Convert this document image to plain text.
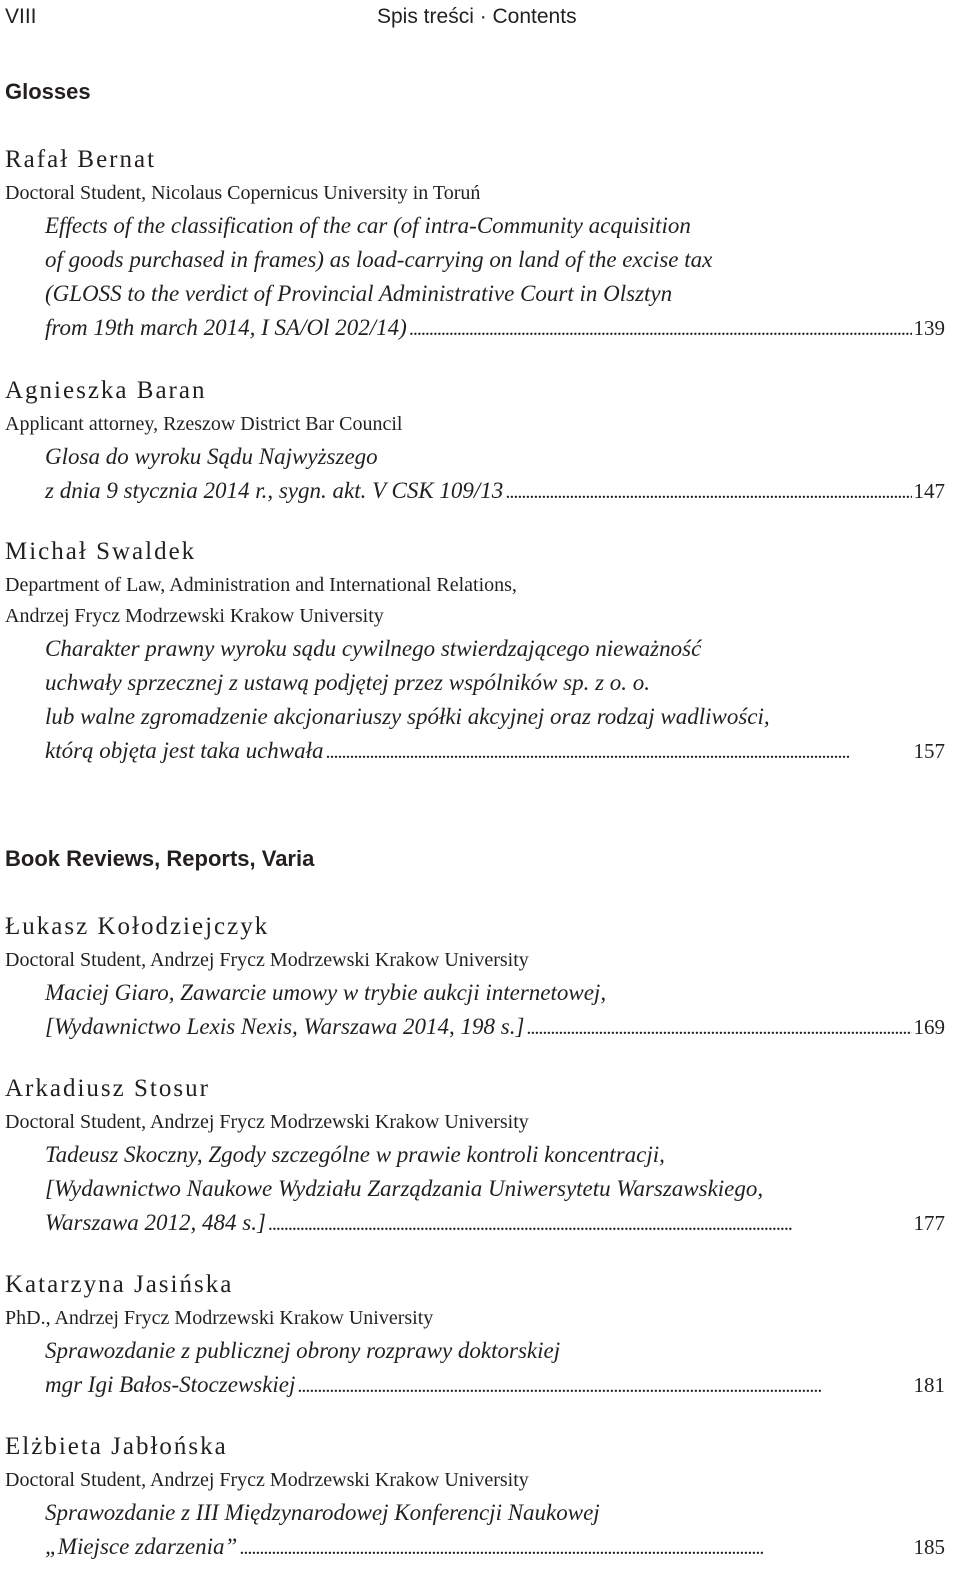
VIII	Spis treści · Contents
Glosses
Rafał Bernat
Doctoral Student, Nicolaus Copernicus University in Toruń
Effects of the classification of the car (of intra-Community acquisition
of goods purchased in frames) as load-carrying on land of the excise tax
(GLOSS to the verdict of Provincial Administrative Court in Olsztyn
from 19th march 2014, I SA/Ol 202/14) . . .	139
Agnieszka Baran
Applicant attorney, Rzeszow District Bar Council
Glosa do wyroku Sądu Najwyższego
z dnia 9 stycznia 2014 r., sygn. akt. V CSK 109/13 . . .	147
Michał Swaldek
Department of Law, Administration and International Relations,
Andrzej Frycz Modrzewski Krakow University
Charakter prawny wyroku sądu cywilnego stwierdzającego nieważność
uchwały sprzecznej z ustawą podjętej przez wspólników sp. z o. o.
lub walne zgromadzenie akcjonariuszy spółki akcyjnej oraz rodzaj wadliwości,
którą objęta jest taka uchwała . . .	157
Book Reviews, Reports, Varia
Łukasz Kołodziejczyk
Doctoral Student, Andrzej Frycz Modrzewski Krakow University
Maciej Giaro, Zawarcie umowy w trybie aukcji internetowej,
[Wydawnictwo Lexis Nexis, Warszawa 2014, 198 s.] . . .	169
Arkadiusz Stosur
Doctoral Student, Andrzej Frycz Modrzewski Krakow University
Tadeusz Skoczny, Zgody szczególne w prawie kontroli koncentracji,
[Wydawnictwo Naukowe Wydziału Zarządzania Uniwersytetu Warszawskiego,
Warszawa 2012, 484 s.] . . .	177
Katarzyna Jasińska
PhD., Andrzej Frycz Modrzewski Krakow University
Sprawozdanie z publicznej obrony rozprawy doktorskiej
mgr Igi Bałos-Stoczewskiej . . .	181
Elżbieta Jabłońska
Doctoral Student, Andrzej Frycz Modrzewski Krakow University
Sprawozdanie z III Międzynarodowej Konferencji Naukowej
„Miejsce zdarzenia” . . .	185
